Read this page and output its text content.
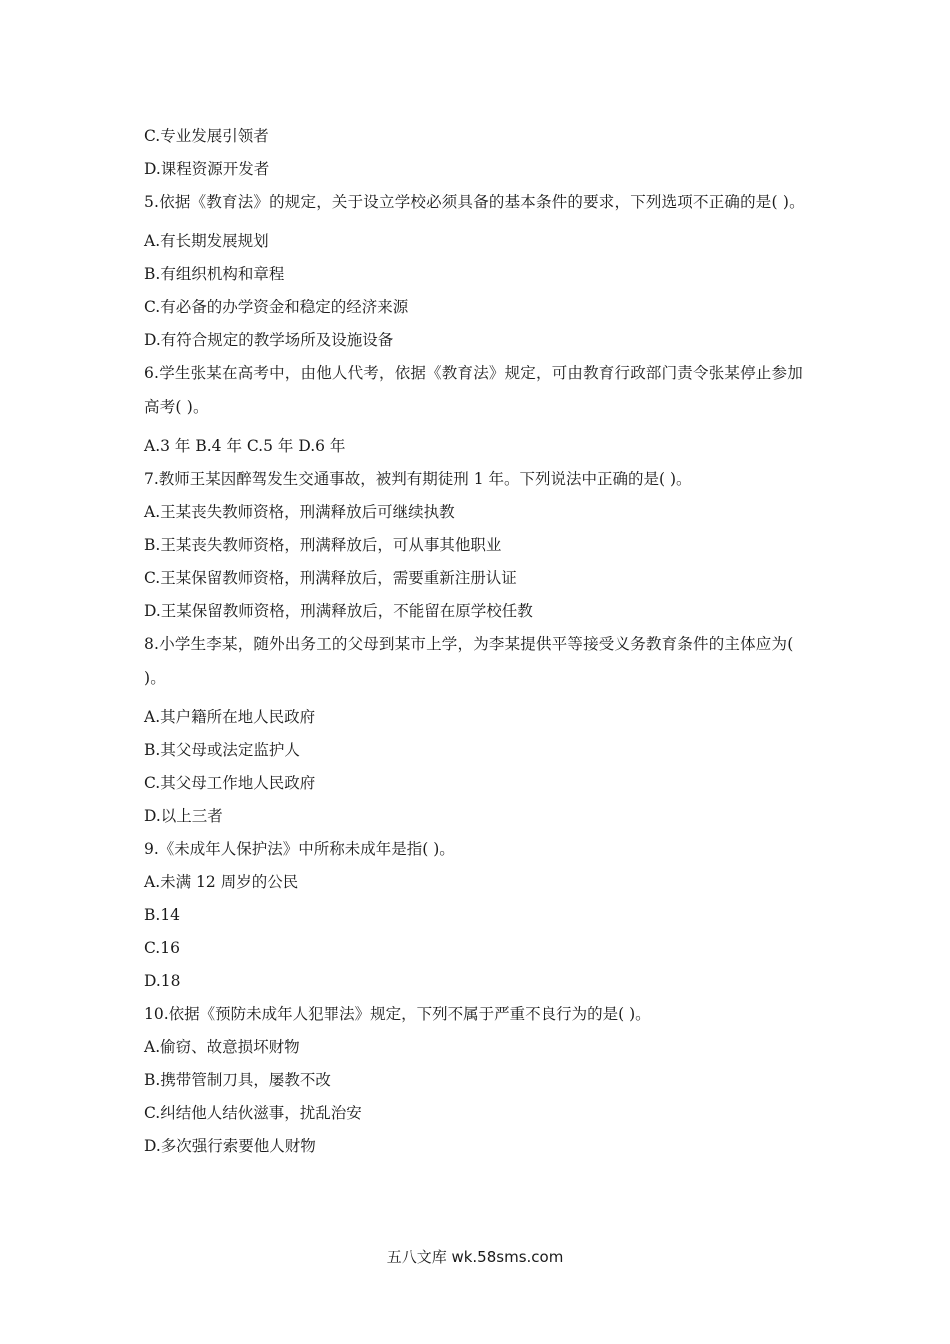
C.专业发展引领者

D.课程资源开发者

5.依据《教育法》的规定，关于设立学校必须具备的基本条件的要求，下列选项不正确的是( )。

A.有长期发展规划

B.有组织机构和章程

C.有必备的办学资金和稳定的经济来源

D.有符合规定的教学场所及设施设备

6.学生张某在高考中，由他人代考，依据《教育法》规定，可由教育行政部门责令张某停止参加高考( )。

A.3 年 B.4 年 C.5 年 D.6 年

7.教师王某因醉驾发生交通事故，被判有期徒刑 1 年。下列说法中正确的是( )。

A.王某丧失教师资格，刑满释放后可继续执教

B.王某丧失教师资格，刑满释放后，可从事其他职业

C.王某保留教师资格，刑满释放后，需要重新注册认证

D.王某保留教师资格，刑满释放后，不能留在原学校任教

8.小学生李某，随外出务工的父母到某市上学，为李某提供平等接受义务教育条件的主体应为( )。

A.其户籍所在地人民政府

B.其父母或法定监护人

C.其父母工作地人民政府

D.以上三者

9.《未成年人保护法》中所称未成年是指( )。

A.未满 12 周岁的公民

B.14

C.16

D.18

10.依据《预防未成年人犯罪法》规定，下列不属于严重不良行为的是( )。

A.偷窃、故意损坏财物

B.携带管制刀具，屡教不改

C.纠结他人结伙滋事，扰乱治安

D.多次强行索要他人财物

五八文库 wk.58sms.com
